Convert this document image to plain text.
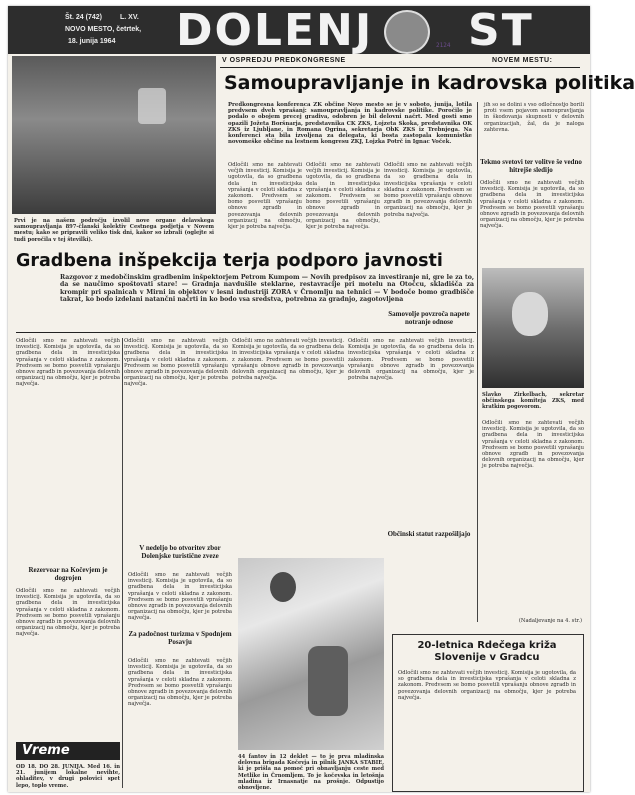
Št. 24 (742)	L. XV.
NOVO MESTO, četrtek,
18. junija 1964 DOLENJ ST
2124
V OSPREDJU PREDKONGRESNE	NOVEM MESTU:
Prvi je na našem področju izvolil nove organe delavskega samoupravljanja 897-članski kolektiv Cestnega podjetja v Novem mestu; kako se pripravili veliko tisk dni, kakor so izbrali (oglejte si tudi poročila v tej številki).
Samoupravljanje in kadrovska politika
Predkongresna konferenca ZK občine Novo mesto se je v soboto, junija, lotila predvsem dveh vprašanj: samoupravljanja in kadrovske politike. Poročilo je podalo o obojem precej gradiva, odobren je bil delovni načrt. Med gosti smo opazili Jožeta Boršnarja, predstavnika CK ZKS, Lojzeta Skoka, predstavnika OK ZKS iz Ljubljane, in Romana Ogrina, sekretarja ObK ZKS iz Trebnjega. Na konferenci sta bila izvoljena za delegata, ki bosta zastopala komunistke novomeške občine na lestnem kongresu ZKJ, Lojzka Potrč in Ignac Voček.
jih so se dolini s vso odločnostjo borili proti vsem pojavom samoupravljanja in škodovanja skupnosti v delovnih organizacijah, žal, da je naloga zahtevna.
Odločili smo ne zahtevati večjih investicij. Komisija je ugotovila, da so gradbena dela in investicijska vprašanja v celoti skladna z zakonom. Predvsem se bomo posvetili vprašanju obnove zgradb in povezovanja delovnih organizacij na območju, kjer je potreba največja.
Odločili smo ne zahtevati večjih investicij. Komisija je ugotovila, da so gradbena dela in investicijska vprašanja v celoti skladna z zakonom. Predvsem se bomo posvetili vprašanju obnove zgradb in povezovanja delovnih organizacij na območju, kjer je potreba največja.
Odločili smo ne zahtevati večjih investicij. Komisija je ugotovila, da so gradbena dela in investicijska vprašanja v celoti skladna z zakonom. Predvsem se bomo posvetili vprašanju obnove zgradb in povezovanja delovnih organizacij na območju, kjer je potreba največja.
Tekmo svetovi ter volitve še vedno hitrejše sledijo
Odločili smo ne zahtevati večjih investicij. Komisija je ugotovila, da so gradbena dela in investicijska vprašanja v celoti skladna z zakonom. Predvsem se bomo posvetili vprašanju obnove zgradb in povezovanja delovnih organizacij na območju, kjer je potreba največja.
Gradbena inšpekcija terja podporo javnosti
Razgovor z medobčinskim gradbenim inšpektorjem Petrom Kumpom — Novih predpisov za investiranje ni, gre le za to, da se naučimo spoštovati stare! — Gradnja navdušile steklarne, restavracije pri motelu na Otočcu, skladišča za krompir pri spalnicah v Mirni in objektov v lesni industriji ZORA v Črnomlju na tehnici — V bodoče bomo gradbišče takrat, ko bodo izdelani natančni načrti in ko bodo vsa sredstva, potrebna za gradnjo, zagotovljena
Odločili smo ne zahtevati večjih investicij. Komisija je ugotovila, da so gradbena dela in investicijska vprašanja v celoti skladna z zakonom. Predvsem se bomo posvetili vprašanju obnove zgradb in povezovanja delovnih organizacij na območju, kjer je potreba največja.
Odločili smo ne zahtevati večjih investicij. Komisija je ugotovila, da so gradbena dela in investicijska vprašanja v celoti skladna z zakonom. Predvsem se bomo posvetili vprašanju obnove zgradb in povezovanja delovnih organizacij na območju, kjer je potreba največja.
Odločili smo ne zahtevati večjih investicij. Komisija je ugotovila, da so gradbena dela in investicijska vprašanja v celoti skladna z zakonom. Predvsem se bomo posvetili vprašanju obnove zgradb in povezovanja delovnih organizacij na območju, kjer je potreba največja.
Odločili smo ne zahtevati večjih investicij. Komisija je ugotovila, da so gradbena dela in investicijska vprašanja v celoti skladna z zakonom. Predvsem se bomo posvetili vprašanju obnove zgradb in povezovanja delovnih organizacij na območju, kjer je potreba največja.
Slavko Zirkelbach, sekretar občinskega komiteja ZKS, med kratkim pogovorom.
Odločili smo ne zahtevati večjih investicij. Komisija je ugotovila, da so gradbena dela in investicijska vprašanja v celoti skladna z zakonom. Predvsem se bomo posvetili vprašanju obnove zgradb in povezovanja delovnih organizacij na območju, kjer je potreba največja.
(Nadaljevanje na 4. str.)
Samovolje povzroča napete notranje odnose
Občinski statut razpošiljajo
Rezervoar na Kočevjem je dogrojen
Odločili smo ne zahtevati večjih investicij. Komisija je ugotovila, da so gradbena dela in investicijska vprašanja v celoti skladna z zakonom. Predvsem se bomo posvetili vprašanju obnove zgradb in povezovanja delovnih organizacij na območju, kjer je potreba največja.
Vreme
OD 18. DO 28. JUNIJA. Med 16. in 21. junijem lokalne nevihte, ohladitev, v drugi polovici spet lepo, toplo vreme.
V nedeljo bo otvoritev zbor Dolenjske turistične zveze
Odločili smo ne zahtevati večjih investicij. Komisija je ugotovila, da so gradbena dela in investicijska vprašanja v celoti skladna z zakonom. Predvsem se bomo posvetili vprašanju obnove zgradb in povezovanja delovnih organizacij na območju, kjer je potreba največja.
Za padočnost turizma v Spodnjem Posavju
Odločili smo ne zahtevati večjih investicij. Komisija je ugotovila, da so gradbena dela in investicijska vprašanja v celoti skladna z zakonom. Predvsem se bomo posvetili vprašanju obnove zgradb in povezovanja delovnih organizacij na območju, kjer je potreba največja.
44 fantov in 12 deklet — to je prva mladinska delovna brigada Kočevja in pilnik JANKA STABIE, ki je prišla na pomoč pri obnavljanju ceste med Metlike in Črnomljem. To je kočevska in letošnja mladina iz Irnasnatje na prošnje. Odpustijo obnovljene.
20-letnica Rdečega križa Slovenije v Gradcu
Odločili smo ne zahtevati večjih investicij. Komisija je ugotovila, da so gradbena dela in investicijska vprašanja v celoti skladna z zakonom. Predvsem se bomo posvetili vprašanju obnove zgradb in povezovanja delovnih organizacij na območju, kjer je potreba največja.
